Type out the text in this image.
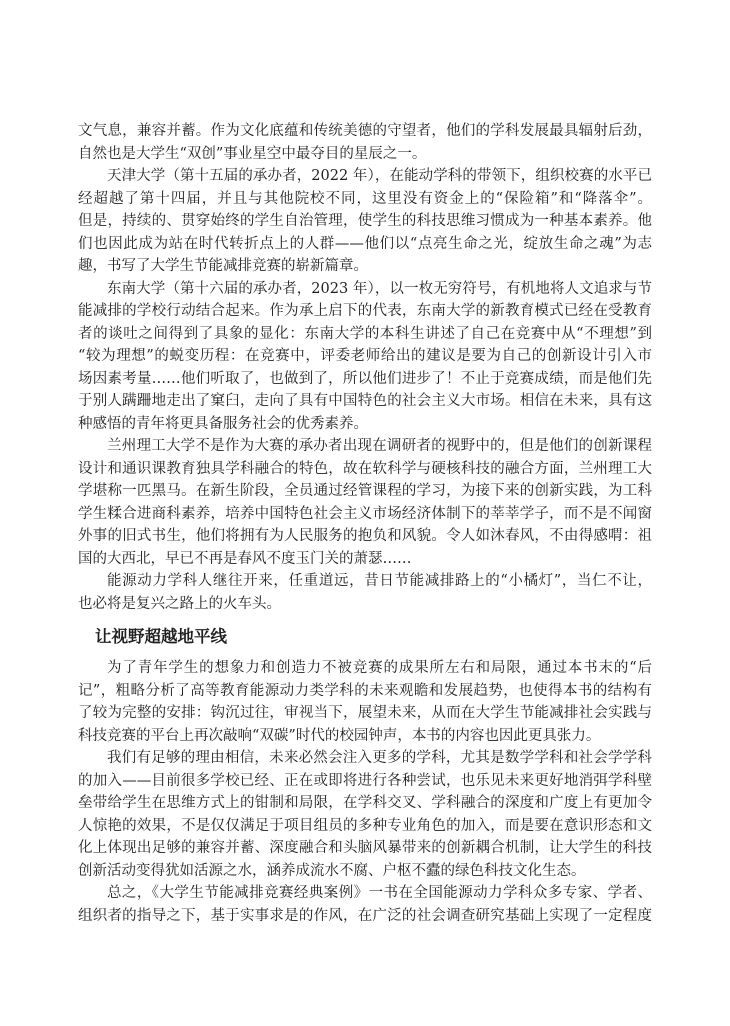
文气息，兼容并蓄。作为文化底蕴和传统美德的守望者，他们的学科发展最具辐射后劲，
自然也是大学生“双创”事业星空中最夺目的星辰之一。
天津大学（第十五届的承办者，2022 年），在能动学科的带领下，组织校赛的水平已
经超越了第十四届，并且与其他院校不同，这里没有资金上的“保险箱”和“降落伞”。
但是，持续的、贯穿始终的学生自治管理，使学生的科技思维习惯成为一种基本素养。他
们也因此成为站在时代转折点上的人群——他们以“点亮生命之光，绽放生命之魂”为志
趣，书写了大学生节能减排竞赛的崭新篇章。
东南大学（第十六届的承办者，2023 年），以一枚无穷符号，有机地将人文追求与节
能减排的学校行动结合起来。作为承上启下的代表，东南大学的新教育模式已经在受教育
者的谈吐之间得到了具象的显化：东南大学的本科生讲述了自己在竞赛中从“不理想”到
“较为理想”的蜕变历程：在竞赛中，评委老师给出的建议是要为自己的创新设计引入市
场因素考量……他们听取了，也做到了，所以他们进步了！不止于竞赛成绩，而是他们先
于别人蹒跚地走出了窠臼，走向了具有中国特色的社会主义大市场。相信在未来，具有这
种感悟的青年将更具备服务社会的优秀素养。
兰州理工大学不是作为大赛的承办者出现在调研者的视野中的，但是他们的创新课程
设计和通识课教育独具学科融合的特色，故在软科学与硬核科技的融合方面，兰州理工大
学堪称一匹黑马。在新生阶段，全员通过经管课程的学习，为接下来的创新实践，为工科
学生糅合进商科素养，培养中国特色社会主义市场经济体制下的莘莘学子，而不是不闻窗
外事的旧式书生，他们将拥有为人民服务的抱负和风貌。令人如沐春风，不由得感喟：祖
国的大西北，早已不再是春风不度玉门关的萧瑟……
能源动力学科人继往开来，任重道远，昔日节能减排路上的“小橘灯”，当仁不让，
也必将是复兴之路上的火车头。
让视野超越地平线
为了青年学生的想象力和创造力不被竞赛的成果所左右和局限，通过本书末的“后
记”，粗略分析了高等教育能源动力类学科的未来观瞻和发展趋势，也使得本书的结构有
了较为完整的安排：钩沉过往，审视当下，展望未来，从而在大学生节能减排社会实践与
科技竞赛的平台上再次敲响“双碳”时代的校园钟声，本书的内容也因此更具张力。
我们有足够的理由相信，未来必然会注入更多的学科，尤其是数学学科和社会学学科
的加入——目前很多学校已经、正在或即将进行各种尝试，也乐见未来更好地消弭学科壁
垒带给学生在思维方式上的钳制和局限，在学科交叉、学科融合的深度和广度上有更加令
人惊艳的效果，不是仅仅满足于项目组员的多种专业角色的加入，而是要在意识形态和文
化上体现出足够的兼容并蓄、深度融合和头脑风暴带来的创新耦合机制，让大学生的科技
创新活动变得犹如活源之水，涵养成流水不腐、户枢不蠹的绿色科技文化生态。
总之，《大学生节能减排竞赛经典案例》一书在全国能源动力学科众多专家、学者、
组织者的指导之下，基于实事求是的作风，在广泛的社会调查研究基础上实现了一定程度
